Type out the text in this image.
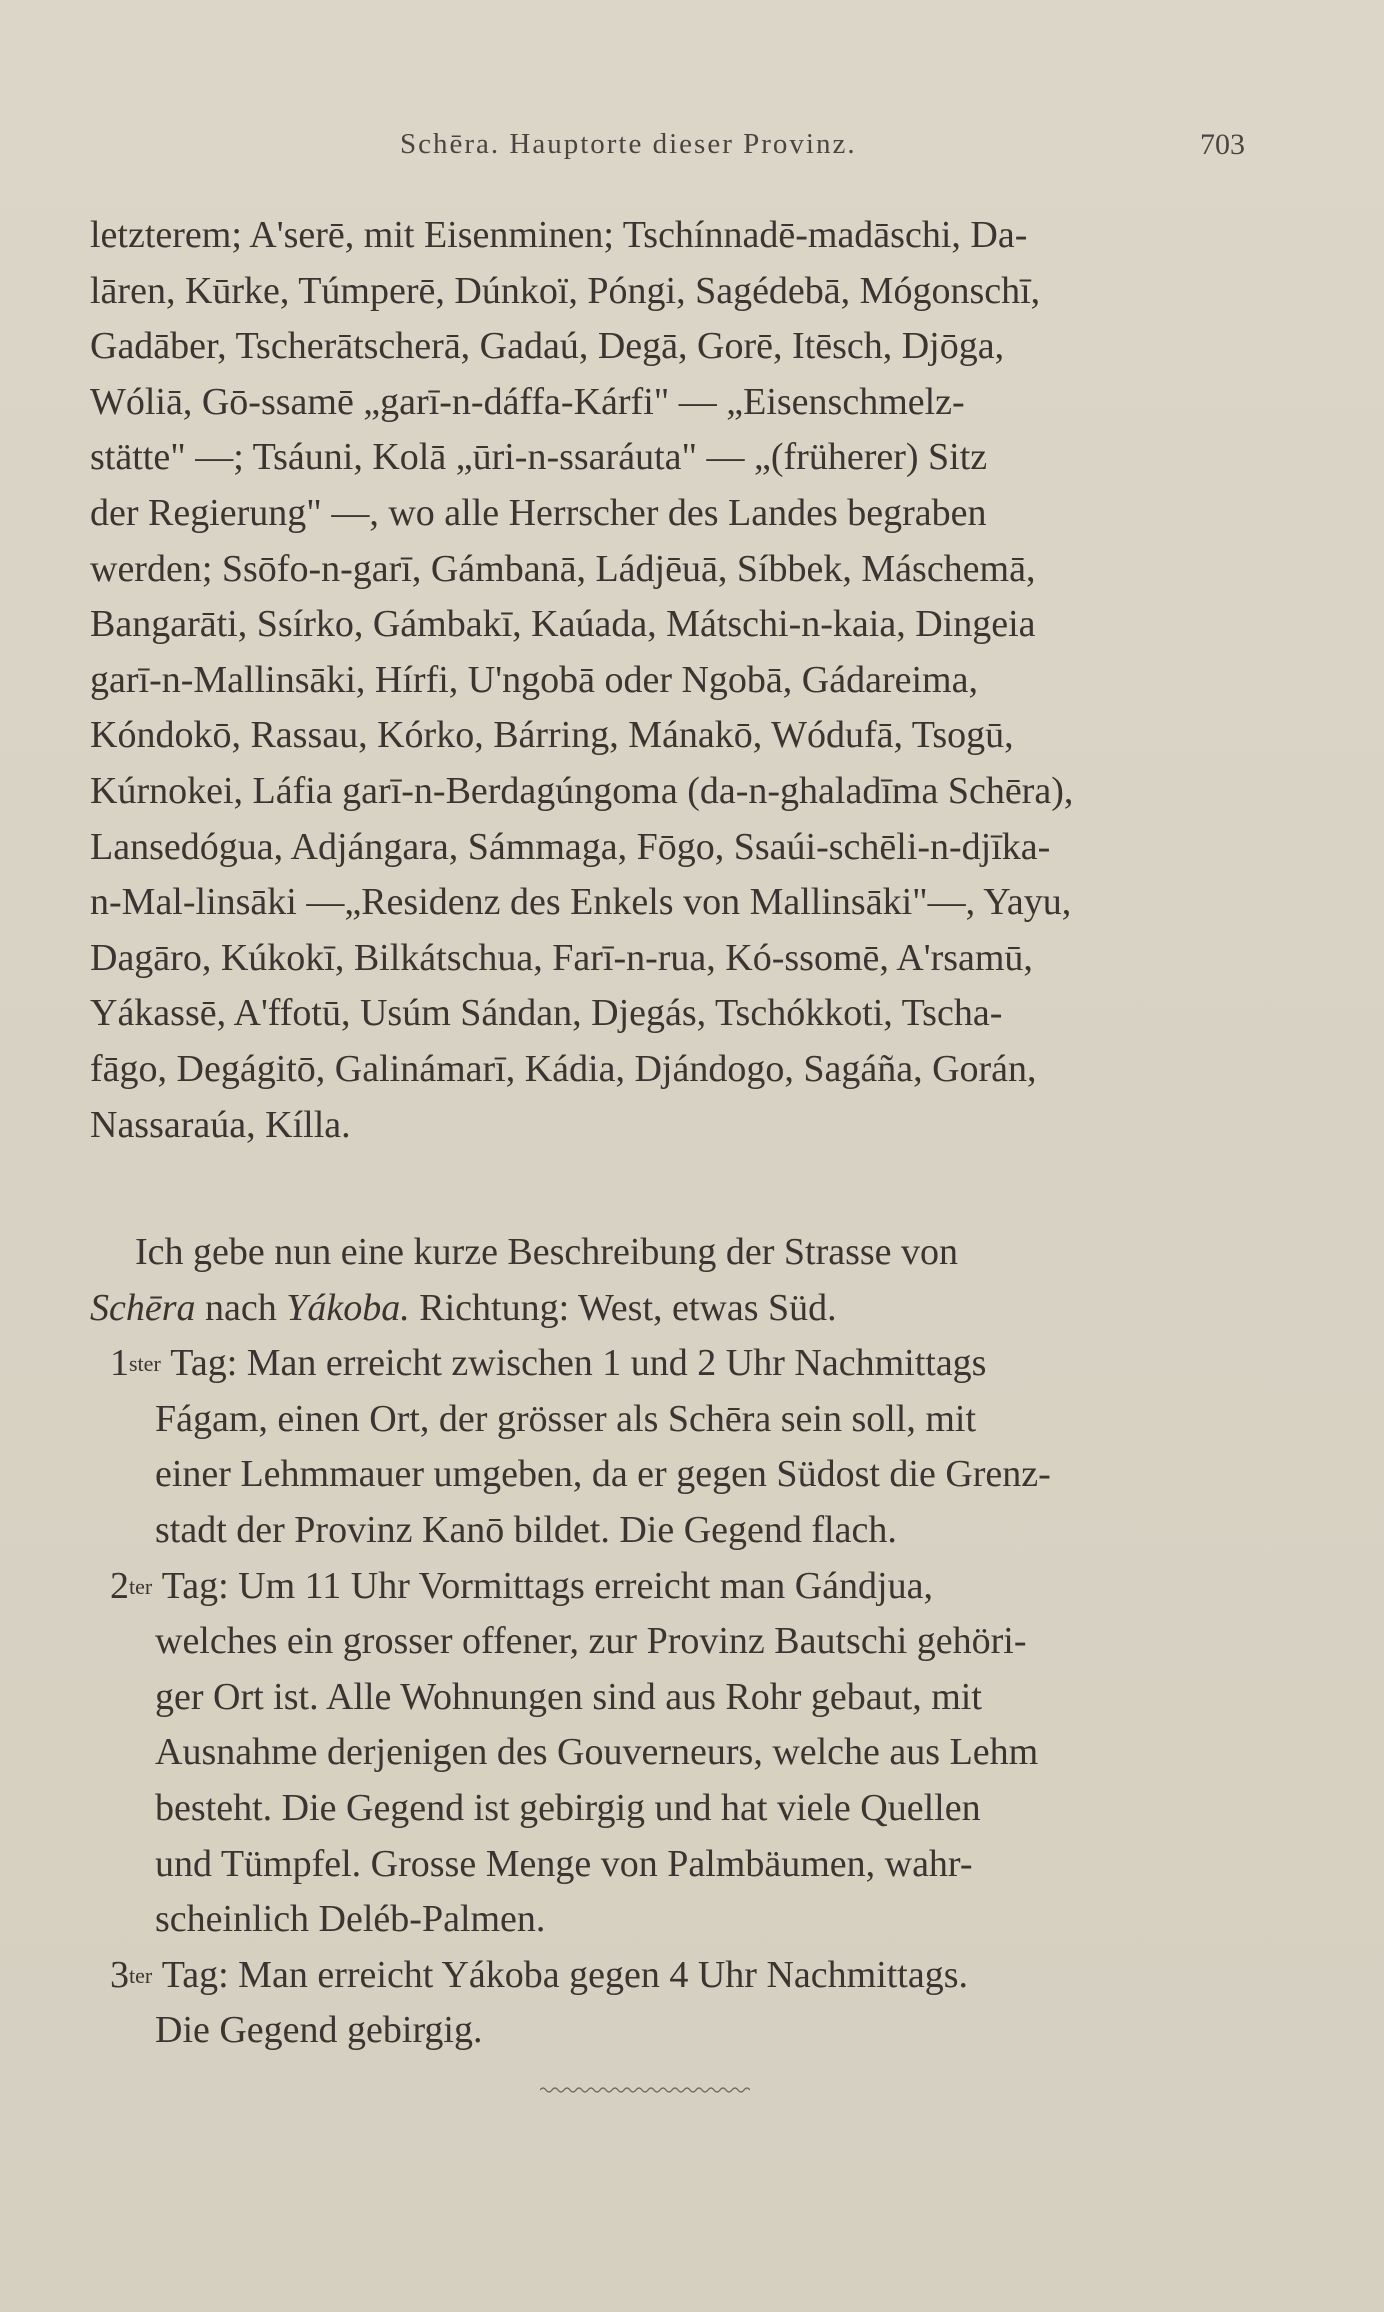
Schēra. Hauptorte dieser Provinz.	703
letzterem; A'serē, mit Eisenminen; Tschínnadē-madāschi, Da-
lāren, Kūrke, Túmperē, Dúnkoï, Póngi, Sagédebā, Mógonschī,
Gadāber, Tscherātscherā, Gadaú, Degā, Gorē, Itēsch, Djōga,
Wóliā, Gō-ssamē „garī-n-dáffa-Kárfi" — „Eisenschmelz-
stätte" —; Tsáuni, Kolā „ūri-n-ssaráuta" — „(früherer) Sitz
der Regierung" —, wo alle Herrscher des Landes begraben
werden; Ssōfo-n-garī, Gámbanā, Ládjēuā, Síbbek, Máschemā,
Bangarāti, Ssírko, Gámbakī, Kaúada, Mátschi-n-kaia, Dingeia
garī-n-Mallinsāki, Hírfi, U'ngobā oder Ngobā, Gádareima,
Kóndokō, Rassau, Kórko, Bárring, Mánakō, Wódufā, Tsogū,
Kúrnokei, Láfia garī-n-Berdagúngoma (da-n-ghaladīma Schēra),
Lansedógua, Adjángara, Sámmaga, Fōgo, Ssaúi-schēli-n-djīka-
n-Mal-linsāki —„Residenz des Enkels von Mallinsāki"—, Yayu,
Dagāro, Kúkokī, Bilkátschua, Farī-n-rua, Kó-ssomē, A'rsamū,
Yákassē, A'ffotū, Usúm Sándan, Djegás, Tschókkoti, Tscha-
fāgo, Degágitō, Galinámarī, Kádia, Djándogo, Sagáña, Gorán,
Nassaraúa, Kílla.
Ich gebe nun eine kurze Beschreibung der Strasse von
Schēra
nach
Yákoba.
Richtung: West, etwas Süd.
1 ster
Tag: Man erreicht zwischen 1 und 2 Uhr Nachmittags
Fágam, einen Ort, der grösser als Schēra sein soll, mit
einer Lehmmauer umgeben, da er gegen Südost die Grenz-
stadt der Provinz Kanō bildet. Die Gegend flach.
2 ter
Tag: Um 11 Uhr Vormittags erreicht man Gándjua,
welches ein grosser offener, zur Provinz Bautschi gehöri-
ger Ort ist. Alle Wohnungen sind aus Rohr gebaut, mit
Ausnahme derjenigen des Gouverneurs, welche aus Lehm
besteht. Die Gegend ist gebirgig und hat viele Quellen
und Tümpfel. Grosse Menge von Palmbäumen, wahr-
scheinlich Deléb-Palmen.
3 ter
Tag: Man erreicht Yákoba gegen 4 Uhr Nachmittags.
Die Gegend gebirgig.
